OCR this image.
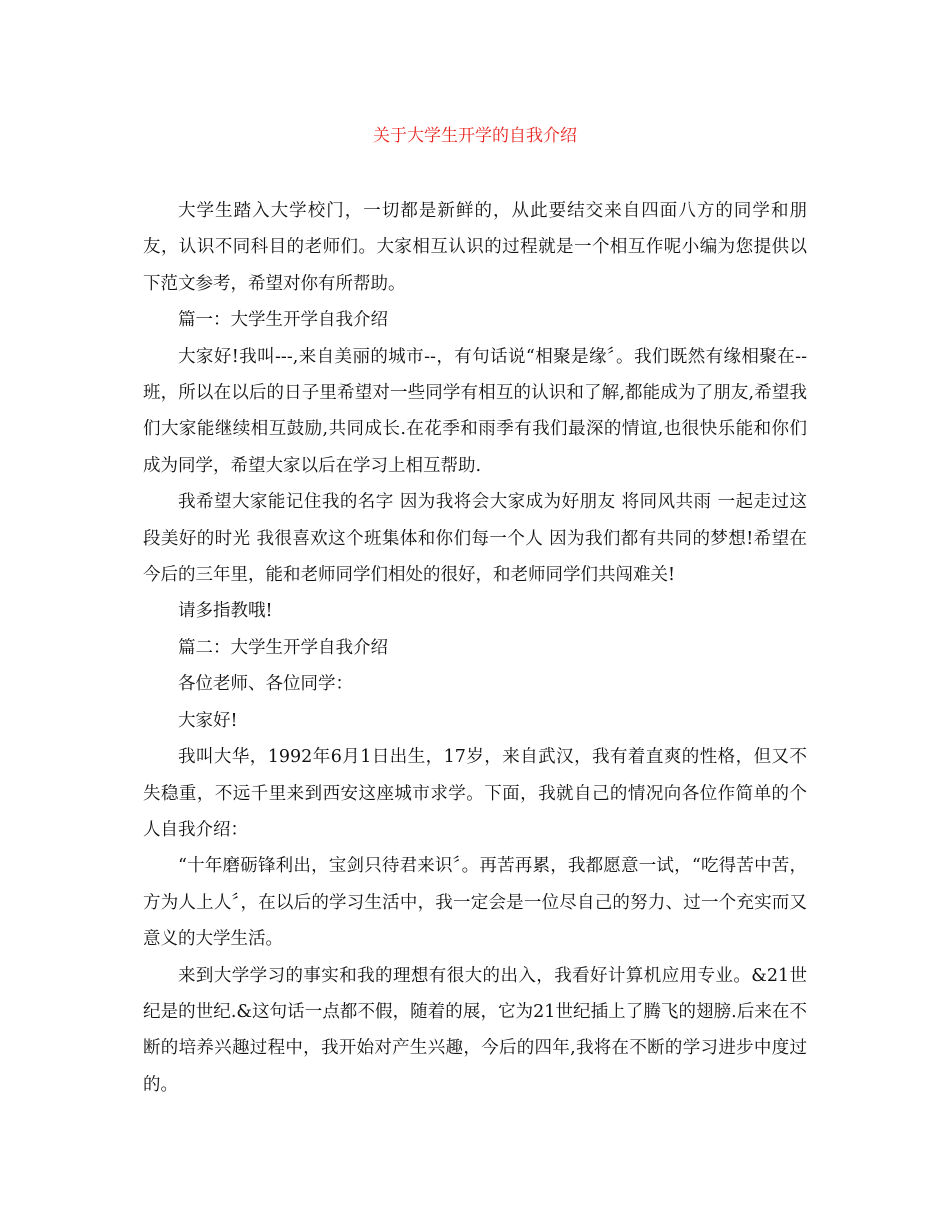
关于大学生开学的自我介绍

大学生踏入大学校门，一切都是新鲜的，从此要结交来自四面八方的同学和朋友，认识不同科目的老师们。大家相互认识的过程就是一个相互作呢小编为您提供以下范文参考，希望对你有所帮助。

篇一：大学生开学自我介绍

大家好!我叫---,来自美丽的城市--，有句话说“相聚是缘〞。我们既然有缘相聚在--班，所以在以后的日子里希望对一些同学有相互的认识和了解,都能成为了朋友,希望我们大家能继续相互鼓励,共同成长.在花季和雨季有我们最深的情谊,也很快乐能和你们成为同学，希望大家以后在学习上相互帮助.

我希望大家能记住我的名字 因为我将会大家成为好朋友 将同风共雨 一起走过这段美好的时光 我很喜欢这个班集体和你们每一个人 因为我们都有共同的梦想!希望在今后的三年里，能和老师同学们相处的很好，和老师同学们共闯难关!

请多指教哦!

篇二：大学生开学自我介绍

各位老师、各位同学：

大家好!

我叫大华，1992年6月1日出生，17岁，来自武汉，我有着直爽的性格，但又不失稳重，不远千里来到西安这座城市求学。下面，我就自己的情况向各位作简单的个人自我介绍：

“十年磨砺锋利出，宝剑只待君来识〞。再苦再累，我都愿意一试，“吃得苦中苦，方为人上人〞，在以后的学习生活中，我一定会是一位尽自己的努力、过一个充实而又意义的大学生活。

来到大学学习的事实和我的理想有很大的出入，我看好计算机应用专业。&21世纪是的世纪.&这句话一点都不假，随着的展，它为21世纪插上了腾飞的翅膀.后来在不断的培养兴趣过程中，我开始对产生兴趣，今后的四年,我将在不断的学习进步中度过的。
